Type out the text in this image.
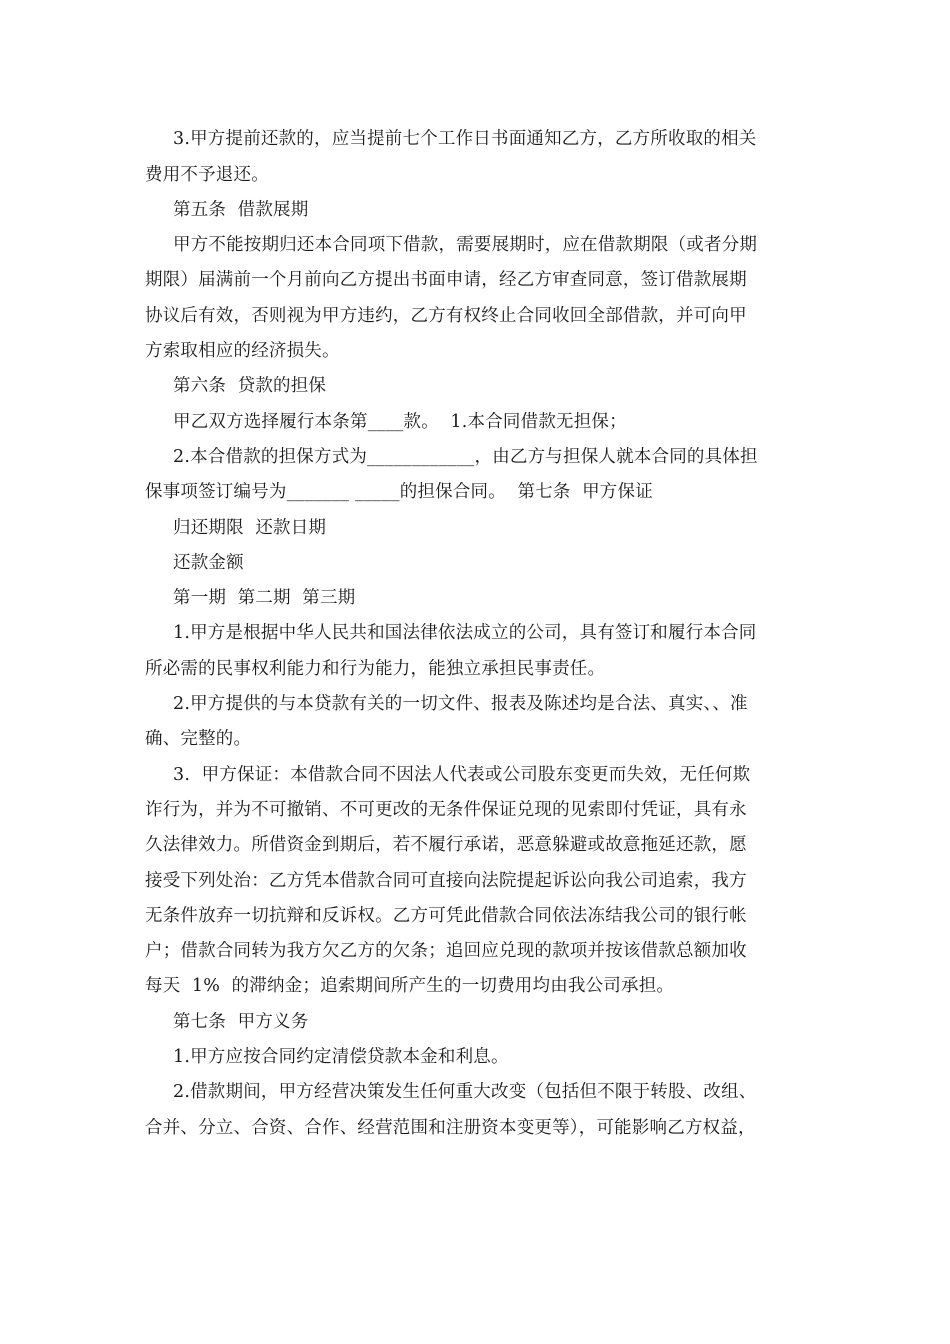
3.甲方提前还款的，应当提前七个工作日书面通知乙方，乙方所收取的相关
费用不予退还。
第五条  借款展期
甲方不能按期归还本合同项下借款，需要展期时，应在借款期限（或者分期
期限）届满前一个月前向乙方提出书面申请，经乙方审查同意，签订借款展期
协议后有效，否则视为甲方违约，乙方有权终止合同收回全部借款，并可向甲
方索取相应的经济损失。
第六条  贷款的担保
甲乙双方选择履行本条第____款。  1.本合同借款无担保；
2.本合借款的担保方式为____________，由乙方与担保人就本合同的具体担
保事项签订编号为_______ _____的担保合同。  第七条  甲方保证
归还期限  还款日期
还款金额
第一期  第二期  第三期
1.甲方是根据中华人民共和国法律依法成立的公司，具有签订和履行本合同
所必需的民事权利能力和行为能力，能独立承担民事责任。
2.甲方提供的与本贷款有关的一切文件、报表及陈述均是合法、真实、、准
确、完整的。
3.  甲方保证：本借款合同不因法人代表或公司股东变更而失效，无任何欺
诈行为，并为不可撤销、不可更改的无条件保证兑现的见索即付凭证，具有永
久法律效力。所借资金到期后，若不履行承诺，恶意躲避或故意拖延还款，愿
接受下列处治：乙方凭本借款合同可直接向法院提起诉讼向我公司追索，我方
无条件放弃一切抗辩和反诉权。乙方可凭此借款合同依法冻结我公司的银行帐
户；借款合同转为我方欠乙方的欠条；追回应兑现的款项并按该借款总额加收
每天  1%  的滞纳金；追索期间所产生的一切费用均由我公司承担。
第七条  甲方义务
1.甲方应按合同约定清偿贷款本金和利息。
2.借款期间，甲方经营决策发生任何重大改变（包括但不限于转股、改组、
合并、分立、合资、合作、经营范围和注册资本变更等），可能影响乙方权益，
